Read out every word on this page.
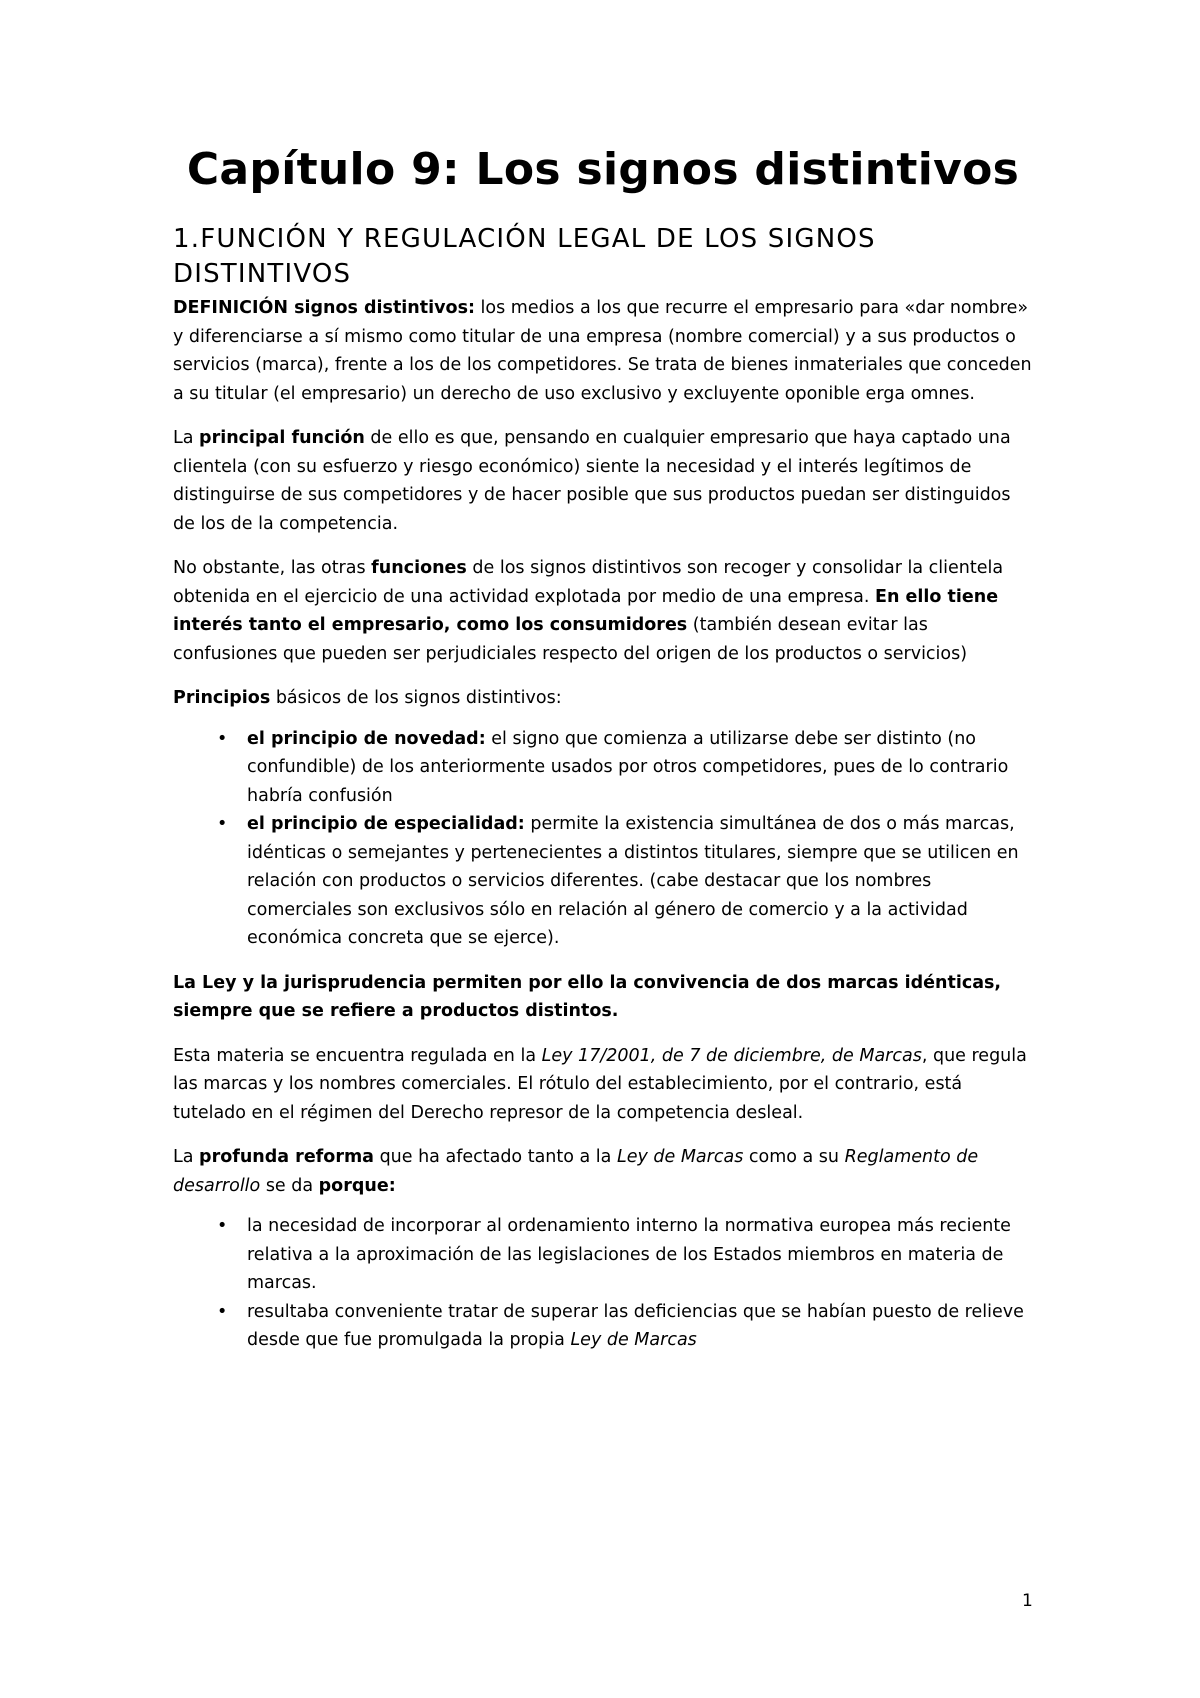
Capítulo 9: Los signos distintivos
1.FUNCIÓN Y REGULACIÓN LEGAL DE LOS SIGNOS DISTINTIVOS
DEFINICIÓN signos distintivos: los medios a los que recurre el empresario para «dar nombre» y diferenciarse a sí mismo como titular de una empresa (nombre comercial) y a sus productos o servicios (marca), frente a los de los competidores. Se trata de bienes inmateriales que conceden a su titular (el empresario) un derecho de uso exclusivo y excluyente oponible erga omnes.
La principal función de ello es que, pensando en cualquier empresario que haya captado una clientela (con su esfuerzo y riesgo económico) siente la necesidad y el interés legítimos de distinguirse de sus competidores y de hacer posible que sus productos puedan ser distinguidos de los de la competencia.
No obstante, las otras funciones de los signos distintivos son recoger y consolidar la clientela obtenida en el ejercicio de una actividad explotada por medio de una empresa. En ello tiene interés tanto el empresario, como los consumidores (también desean evitar las confusiones que pueden ser perjudiciales respecto del origen de los productos o servicios)
Principios básicos de los signos distintivos:
• el principio de novedad: el signo que comienza a utilizarse debe ser distinto (no confundible) de los anteriormente usados por otros competidores, pues de lo contrario habría confusión
• el principio de especialidad: permite la existencia simultánea de dos o más marcas, idénticas o semejantes y pertenecientes a distintos titulares, siempre que se utilicen en relación con productos o servicios diferentes. (cabe destacar que los nombres comerciales son exclusivos sólo en relación al género de comercio y a la actividad económica concreta que se ejerce).
La Ley y la jurisprudencia permiten por ello la convivencia de dos marcas idénticas, siempre que se refiere a productos distintos.
Esta materia se encuentra regulada en la Ley 17/2001, de 7 de diciembre, de Marcas, que regula las marcas y los nombres comerciales. El rótulo del establecimiento, por el contrario, está tutelado en el régimen del Derecho represor de la competencia desleal.
La profunda reforma que ha afectado tanto a la Ley de Marcas como a su Reglamento de desarrollo se da porque:
• la necesidad de incorporar al ordenamiento interno la normativa europea más reciente relativa a la aproximación de las legislaciones de los Estados miembros en materia de marcas.
• resultaba conveniente tratar de superar las deficiencias que se habían puesto de relieve desde que fue promulgada la propia Ley de Marcas
1
